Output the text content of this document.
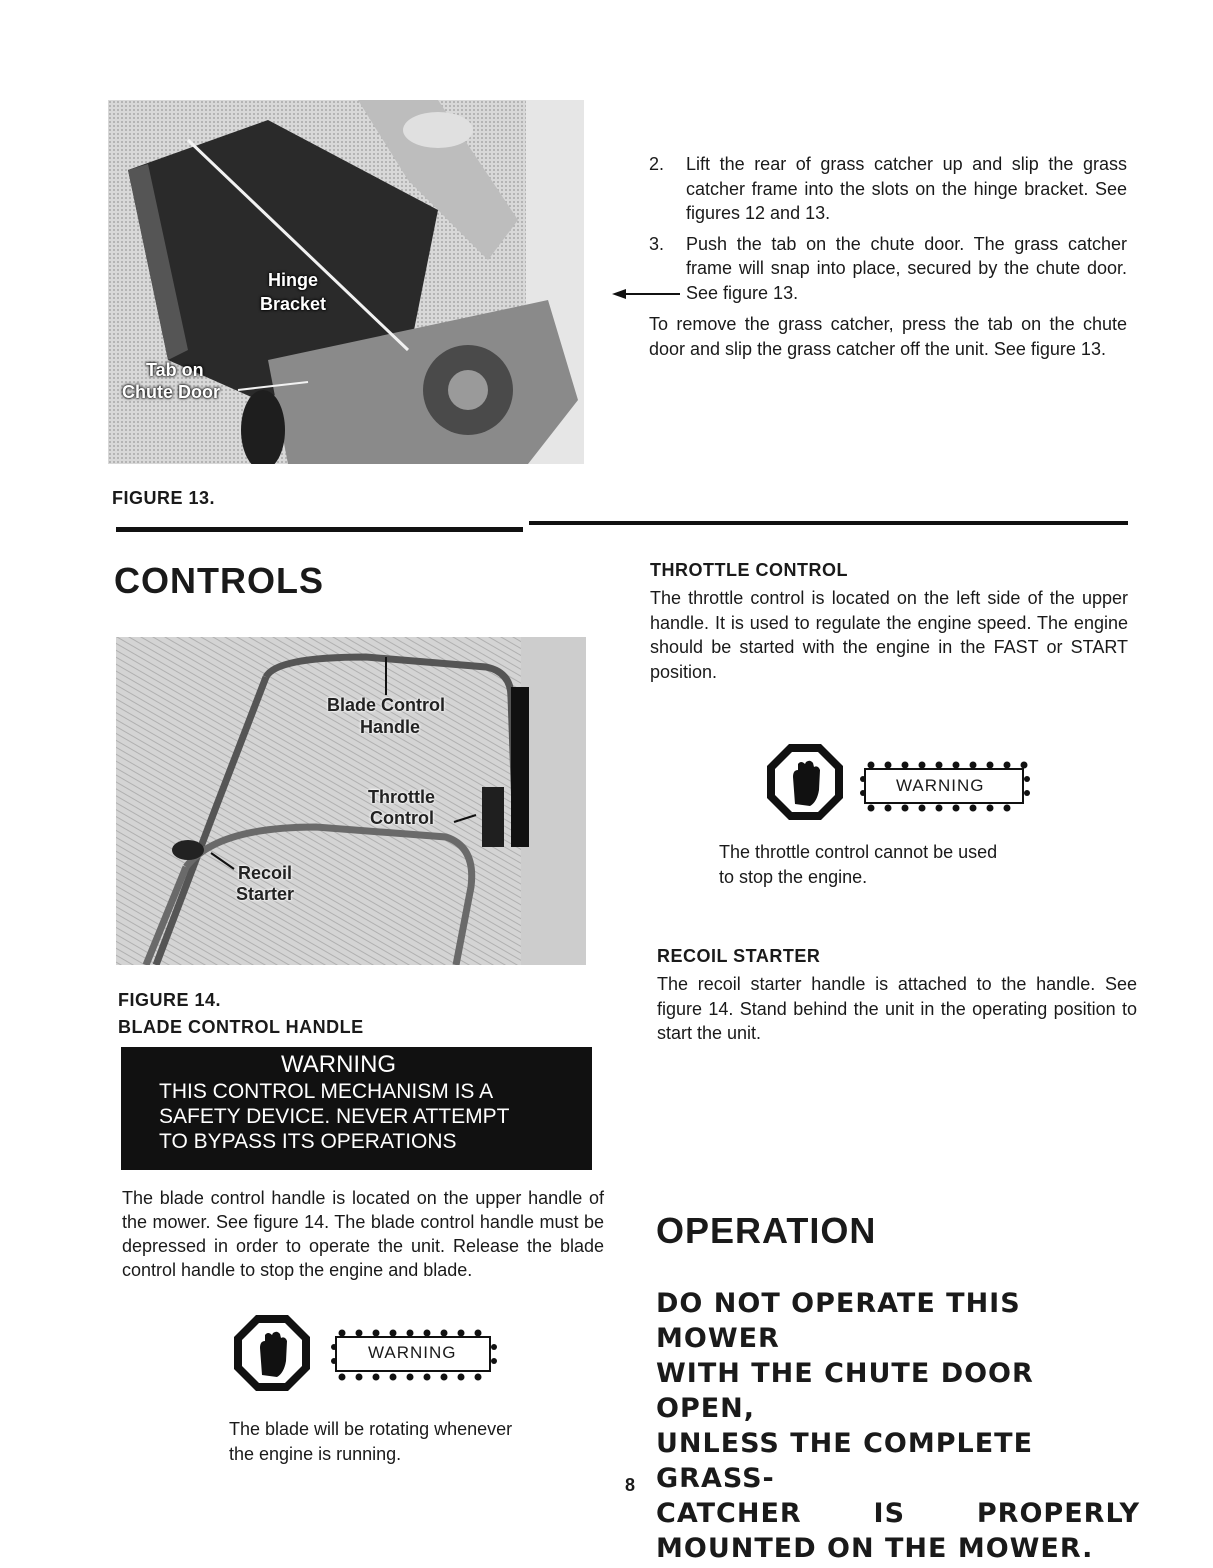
Hinge
Bracket
Tab on
Chute Door
FIGURE 13.
2. Lift the rear of grass catcher up and slip the grass catcher frame into the slots on the hinge bracket. See figures 12 and 13.
3. Push the tab on the chute door. The grass catcher frame will snap into place, secured by the chute door. See figure 13.
To remove the grass catcher, press the tab on the chute door and slip the grass catcher off the unit. See figure 13.
CONTROLS
Blade Control
Handle
Throttle
Control
Recoil
Starter
FIGURE 14.
BLADE CONTROL HANDLE
WARNING
THIS CONTROL MECHANISM IS A
SAFETY DEVICE. NEVER ATTEMPT
TO BYPASS ITS OPERATIONS
The blade control handle is located on the upper handle of the mower. See figure 14. The blade control handle must be depressed in order to operate the unit. Release the blade control handle to stop the engine and blade.
WARNING
The blade will be rotating whenever
the engine is running.
THROTTLE CONTROL
The throttle control is located on the left side of the upper handle. It is used to regulate the engine speed. The engine should be started with the engine in the FAST or START position.
WARNING
The throttle control cannot be used
to stop the engine.
RECOIL STARTER
The recoil starter handle is attached to the handle. See figure 14. Stand behind the unit in the operating position to start the unit.
OPERATION
DO NOT OPERATE THIS MOWER
WITH THE CHUTE DOOR OPEN,
UNLESS THE COMPLETE GRASS-
CATCHER IS PROPERLY
MOUNTED ON THE MOWER.
8
